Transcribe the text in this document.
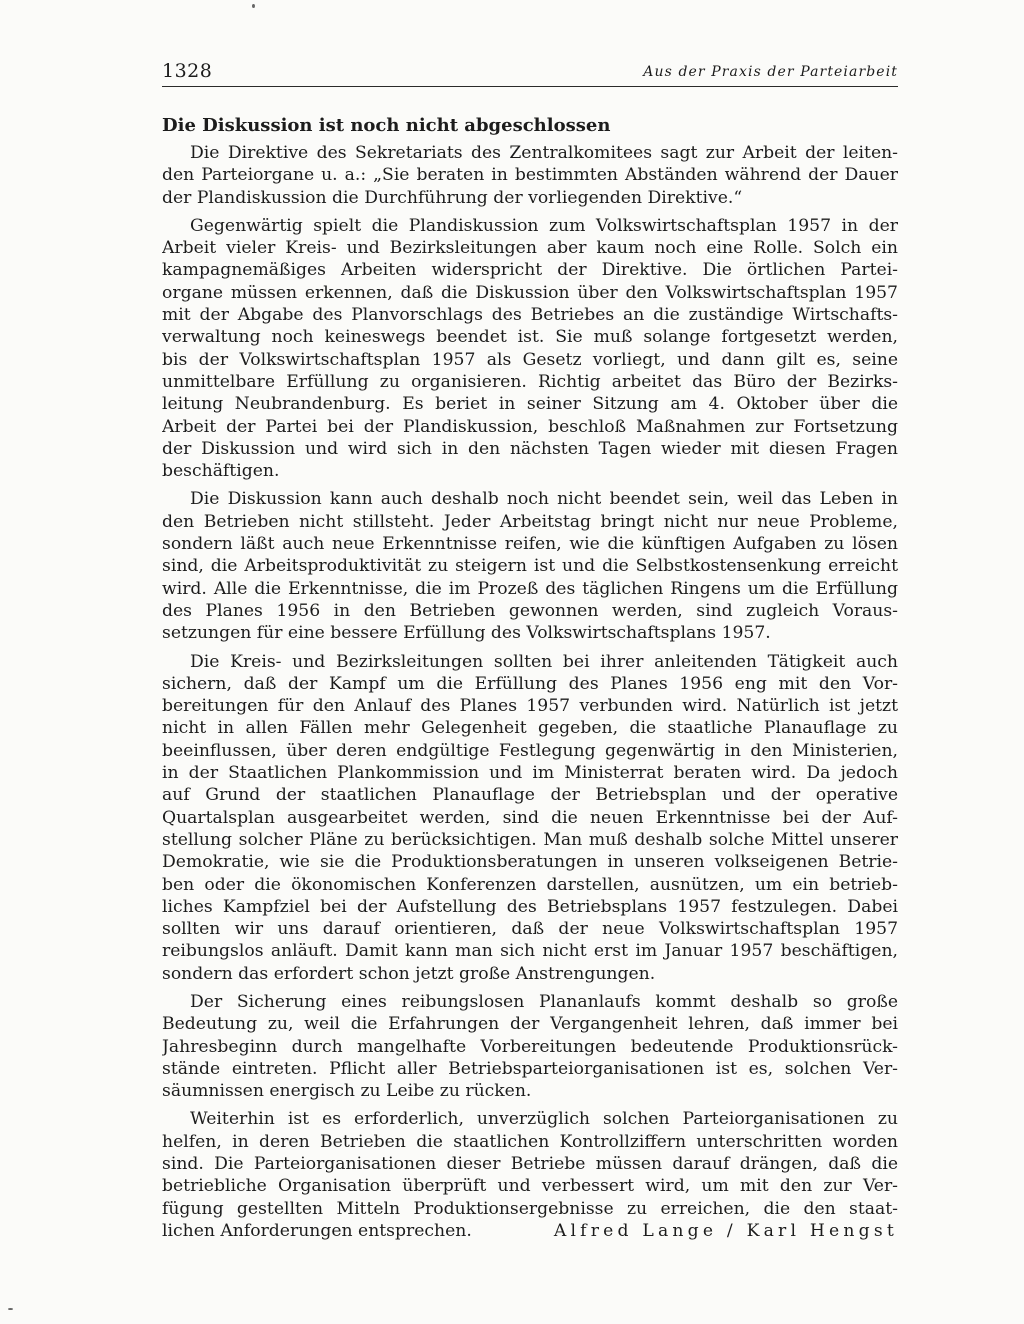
1328	Aus der Praxis der Parteiarbeit
Die Diskussion ist noch nicht abgeschlossen
Die Direktive des Sekretariats des Zentralkomitees sagt zur Arbeit der leiten-
den Parteiorgane u. a.: „Sie beraten in bestimmten Abständen während der Dauer
der Plandiskussion die Durchführung der vorliegenden Direktive.“
Gegenwärtig spielt die Plandiskussion zum Volkswirtschaftsplan 1957 in der
Arbeit vieler Kreis- und Bezirksleitungen aber kaum noch eine Rolle. Solch ein
kampagnemäßiges Arbeiten widerspricht der Direktive. Die örtlichen Partei-
organe müssen erkennen, daß die Diskussion über den Volkswirtschaftsplan 1957
mit der Abgabe des Planvorschlags des Betriebes an die zuständige Wirtschafts-
verwaltung noch keineswegs beendet ist. Sie muß solange fortgesetzt werden,
bis der Volkswirtschaftsplan 1957 als Gesetz vorliegt, und dann gilt es, seine
unmittelbare Erfüllung zu organisieren. Richtig arbeitet das Büro der Bezirks-
leitung Neubrandenburg. Es beriet in seiner Sitzung am 4. Oktober über die
Arbeit der Partei bei der Plandiskussion, beschloß Maßnahmen zur Fortsetzung
der Diskussion und wird sich in den nächsten Tagen wieder mit diesen Fragen
beschäftigen.
Die Diskussion kann auch deshalb noch nicht beendet sein, weil das Leben in
den Betrieben nicht stillsteht. Jeder Arbeitstag bringt nicht nur neue Probleme,
sondern läßt auch neue Erkenntnisse reifen, wie die künftigen Aufgaben zu lösen
sind, die Arbeitsproduktivität zu steigern ist und die Selbstkostensenkung erreicht
wird. Alle die Erkenntnisse, die im Prozeß des täglichen Ringens um die Erfüllung
des Planes 1956 in den Betrieben gewonnen werden, sind zugleich Voraus-
setzungen für eine bessere Erfüllung des Volkswirtschaftsplans 1957.
Die Kreis- und Bezirksleitungen sollten bei ihrer anleitenden Tätigkeit auch
sichern, daß der Kampf um die Erfüllung des Planes 1956 eng mit den Vor-
bereitungen für den Anlauf des Planes 1957 verbunden wird. Natürlich ist jetzt
nicht in allen Fällen mehr Gelegenheit gegeben, die staatliche Planauflage zu
beeinflussen, über deren endgültige Festlegung gegenwärtig in den Ministerien,
in der Staatlichen Plankommission und im Ministerrat beraten wird. Da jedoch
auf Grund der staatlichen Planauflage der Betriebsplan und der operative
Quartalsplan ausgearbeitet werden, sind die neuen Erkenntnisse bei der Auf-
stellung solcher Pläne zu berücksichtigen. Man muß deshalb solche Mittel unserer
Demokratie, wie sie die Produktionsberatungen in unseren volkseigenen Betrie-
ben oder die ökonomischen Konferenzen darstellen, ausnützen, um ein betrieb-
liches Kampfziel bei der Aufstellung des Betriebsplans 1957 festzulegen. Dabei
sollten wir uns darauf orientieren, daß der neue Volkswirtschaftsplan 1957
reibungslos anläuft. Damit kann man sich nicht erst im Januar 1957 beschäftigen,
sondern das erfordert schon jetzt große Anstrengungen.
Der Sicherung eines reibungslosen Plananlaufs kommt deshalb so große
Bedeutung zu, weil die Erfahrungen der Vergangenheit lehren, daß immer bei
Jahresbeginn durch mangelhafte Vorbereitungen bedeutende Produktionsrück-
stände eintreten. Pflicht aller Betriebsparteiorganisationen ist es, solchen Ver-
säumnissen energisch zu Leibe zu rücken.
Weiterhin ist es erforderlich, unverzüglich solchen Parteiorganisationen zu
helfen, in deren Betrieben die staatlichen Kontrollziffern unterschritten worden
sind. Die Parteiorganisationen dieser Betriebe müssen darauf drängen, daß die
betriebliche Organisation überprüft und verbessert wird, um mit den zur Ver-
fügung gestellten Mitteln Produktionsergebnisse zu erreichen, die den staat-
lichen Anforderungen entsprechen.	Alfred Lange / Karl Hengst
